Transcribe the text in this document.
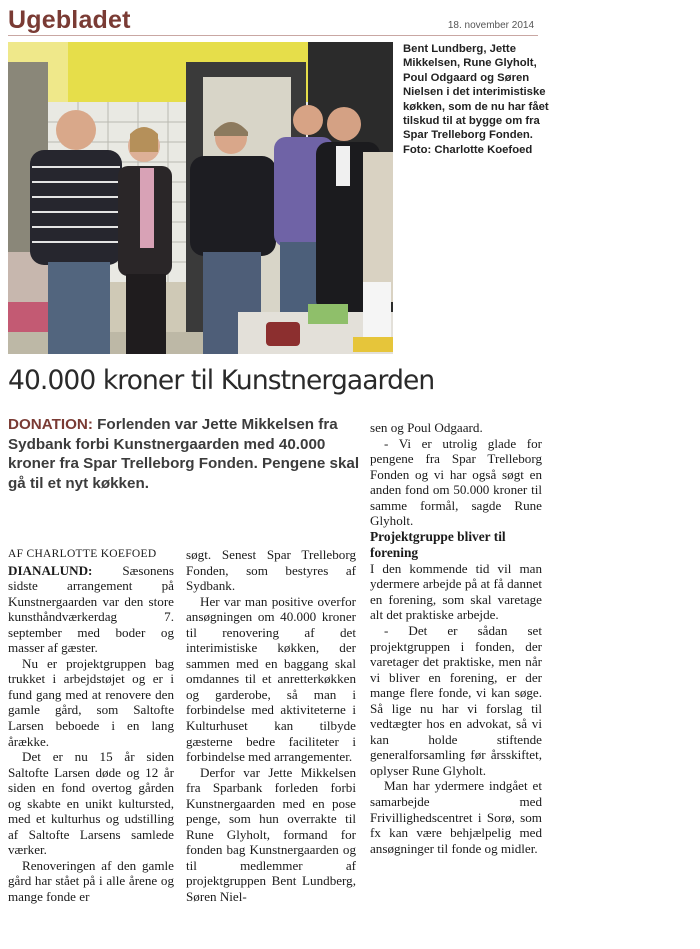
Ugebladet	18. november 2014
Bent Lundberg, Jette Mikkelsen, Rune Glyholt, Poul Odgaard og Søren Nielsen i det interimistiske køkken, som de nu har fået tilskud til at bygge om fra Spar Trelleborg Fonden. Foto: Charlotte Koefoed
40.000 kroner til Kunstnergaarden
DONATION: Forlenden var Jette Mikkelsen fra Sydbank forbi Kunstnergaarden med 40.000 kroner fra Spar Trelleborg Fonden. Pengene skal gå til et nyt køkken.

AF CHARLOTTE KOEFOED

DIANALUND: Sæsonens sidste arrangement på Kunstnergaarden var den store kunsthåndværkerdag 7. september med boder og masser af gæster.

Nu er projektgruppen bag trukket i arbejdstøjet og er i fund gang med at renovere den gamle gård, som Saltofte Larsen beboede i en lang årække.

Det er nu 15 år siden Saltofte Larsen døde og 12 år siden en fond overtog gården og skabte en unikt kultursted, med et kulturhus og udstilling af Saltofte Larsens samlede værker.

Renoveringen af den gamle gård har stået på i alle årene og mange fonde er

søgt. Senest Spar Trelleborg Fonden, som bestyres af Sydbank.

Her var man positive overfor ansøgningen om 40.000 kroner til renovering af det interimistiske køkken, der sammen med en baggang skal omdannes til et anretterkøkken og garderobe, så man i forbindelse med aktiviteterne i Kulturhuset kan tilbyde gæsterne bedre faciliteter i forbindelse med arrangementer.

Derfor var Jette Mikkelsen fra Sparbank forleden forbi Kunstnergaarden med en pose penge, som hun overrakte til Rune Glyholt, formand for fonden bag Kunstnergaarden og til medlemmer af projektgruppen Bent Lundberg, Søren Niel-

sen og Poul Odgaard.

- Vi er utrolig glade for pengene fra Spar Trelleborg Fonden og vi har også søgt en anden fond om 50.000 kroner til samme formål, sagde Rune Glyholt.

Projektgruppe bliver til forening

I den kommende tid vil man ydermere arbejde på at få dannet en forening, som skal varetage alt det praktiske arbejde.

- Det er sådan set projektgruppen i fonden, der varetager det praktiske, men når vi bliver en forening, er der mange flere fonde, vi kan søge. Så lige nu har vi forslag til vedtægter hos en advokat, så vi kan holde stiftende generalforsamling før årsskiftet, oplyser Rune Glyholt.

Man har ydermere indgået et samarbejde med Frivillighedscentret i Sorø, som fx kan være behjælpelig med ansøgninger til fonde og midler.
